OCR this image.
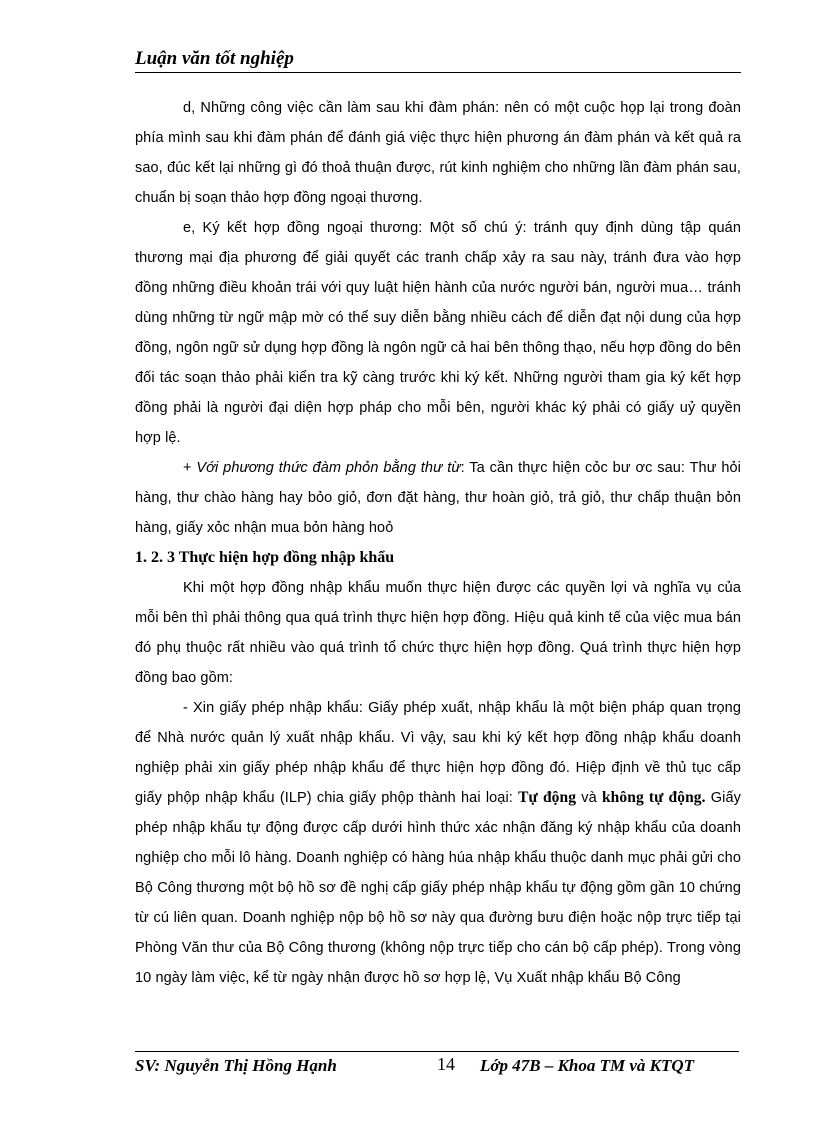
Luận văn tốt nghiệp

d, Những công việc cần làm sau khi đàm phán: nên có một cuộc họp lại trong đoàn phía mình sau khi đàm phán để đánh giá việc thực hiện phương án đàm phán và kết quả ra sao, đúc kết lại những gì đó thoả thuận được, rút kinh nghiệm cho những lần đàm phán sau, chuẩn bị soạn thảo hợp đồng ngoại thương.

e, Ký kết hợp đồng ngoại thương: Một số chú ý: tránh quy định dùng tập quán thương mại địa phương để giải quyết các tranh chấp xảy ra sau này, tránh đưa vào hợp đồng những điều khoản trái với quy luật hiện hành của nước người bán, người mua… tránh dùng những từ ngữ mập mờ có thể suy diễn bằng nhiều cách để diễn đạt nội dung của hợp đồng, ngôn ngữ sử dụng hợp đồng là ngôn ngữ cả hai bên thông thạo, nếu hợp đồng do bên đối tác soạn thảo phải kiển tra kỹ càng trước khi ký kết. Những người tham gia ký kết hợp đồng phải là người đại diện hợp pháp cho mỗi bên, người khác ký phải có giấy uỷ quyền hợp lệ.

+ Với phương thức đàm phỏn bằng thư từ: Ta cần thực hiện cỏc bư ơc sau: Thư hỏi hàng, thư chào hàng hay bỏo giỏ, đơn đặt hàng, thư hoàn giỏ, trả giỏ, thư chấp thuận bỏn hàng, giấy xỏc nhận mua bỏn hàng hoỏ

1. 2. 3 Thực hiện hợp đồng nhập khẩu

Khi một hợp đồng nhập khẩu muốn thực hiện được các quyền lợi và nghĩa vụ của mỗi bên thì phải thông qua quá trình thực hiện hợp đồng. Hiệu quả kinh tế của việc mua bán đó phụ thuộc rất nhiều vào quá trình tổ chức thực hiện hợp đồng. Quá trình thực hiện hợp đồng bao gồm:

- Xin giấy phép nhập khẩu: Giấy phép xuất, nhập khẩu là một biện pháp quan trọng để Nhà nước quản lý xuất nhập khẩu. Vì vậy, sau khi ký kết hợp đồng nhập khẩu doanh nghiệp phải xin giấy phép nhập khẩu để thực hiện hợp đồng đó. Hiệp định về thủ tục cấp giấy phộp nhập khẩu (ILP) chia giấy phộp thành hai loại: Tự động và không tự động. Giấy phép nhập khẩu tự động được cấp dưới hình thức xác nhận đăng ký nhập khẩu của doanh nghiệp cho mỗi lô hàng. Doanh nghiệp có hàng húa nhập khẩu thuộc danh mục phải gửi cho Bộ Công thương một bộ hồ sơ đề nghị cấp giấy phép nhập khẩu tự động gồm gần 10 chứng từ cú liên quan. Doanh nghiệp nộp bộ hồ sơ này qua đường bưu điện hoặc nộp trực tiếp tại Phòng Văn thư của Bộ Công thương (không nộp trực tiếp cho cán bộ cấp phép). Trong vòng 10 ngày làm việc, kể từ ngày nhận được hồ sơ hợp lệ, Vụ Xuất nhập khẩu Bộ Công

SV: Nguyễn Thị Hồng Hạnh	14 Lớp 47B – Khoa TM và KTQT
